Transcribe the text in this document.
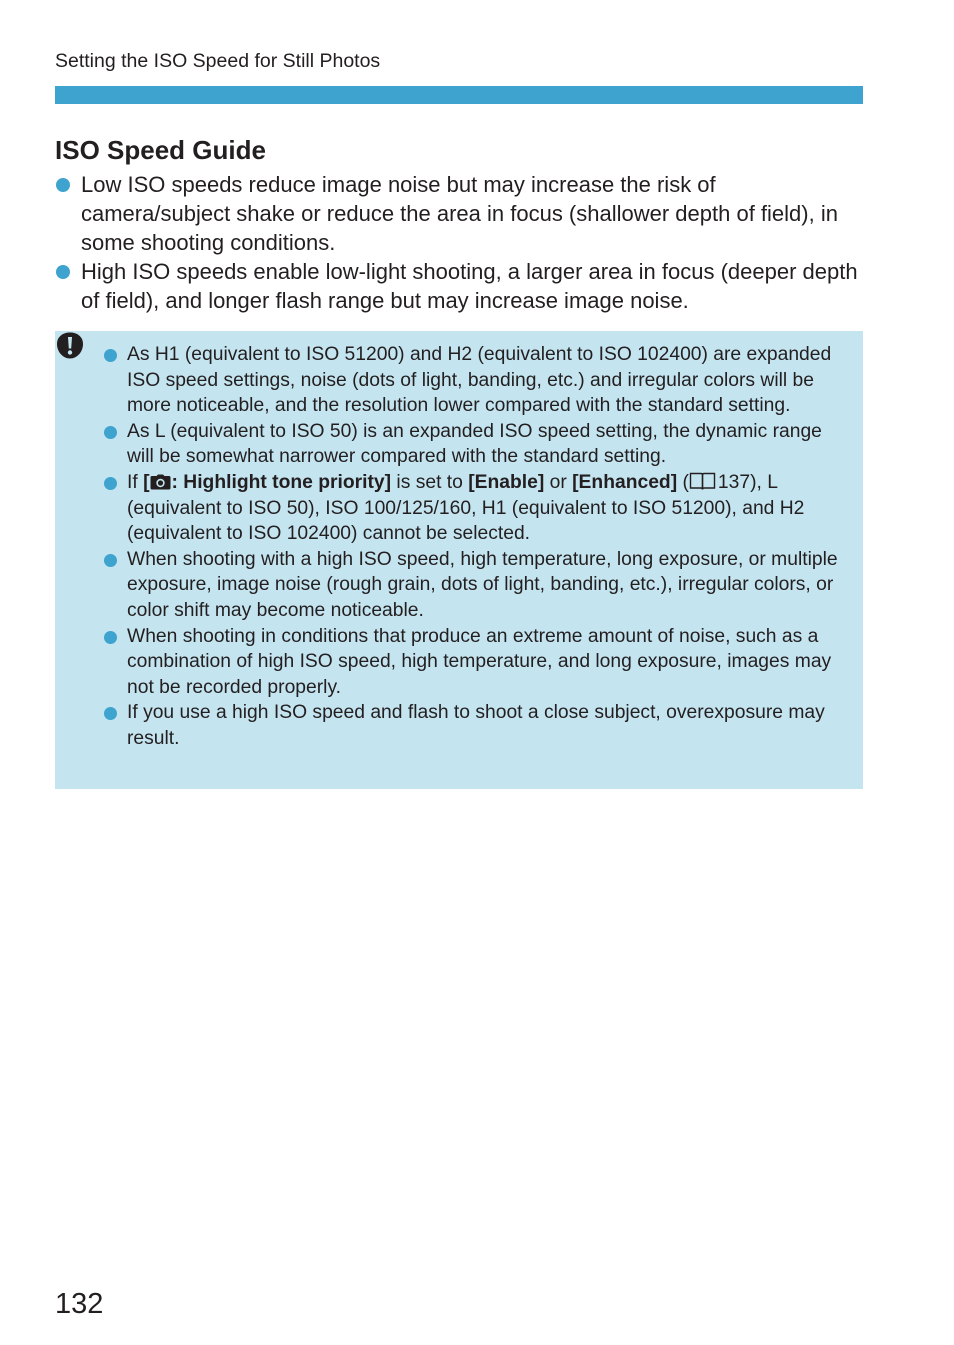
Setting the ISO Speed for Still Photos
ISO Speed Guide
Low ISO speeds reduce image noise but may increase the risk of camera/subject shake or reduce the area in focus (shallower depth of field), in some shooting conditions.
High ISO speeds enable low-light shooting, a larger area in focus (deeper depth of field), and longer flash range but may increase image noise.
As H1 (equivalent to ISO 51200) and H2 (equivalent to ISO 102400) are expanded ISO speed settings, noise (dots of light, banding, etc.) and irregular colors will be more noticeable, and the resolution lower compared with the standard setting.
As L (equivalent to ISO 50) is an expanded ISO speed setting, the dynamic range will be somewhat narrower compared with the standard setting.
If [ : Highlight tone priority] is set to [Enable] or [Enhanced] ( 137), L (equivalent to ISO 50), ISO 100/125/160, H1 (equivalent to ISO 51200), and H2 (equivalent to ISO 102400) cannot be selected.
When shooting with a high ISO speed, high temperature, long exposure, or multiple exposure, image noise (rough grain, dots of light, banding, etc.), irregular colors, or color shift may become noticeable.
When shooting in conditions that produce an extreme amount of noise, such as a combination of high ISO speed, high temperature, and long exposure, images may not be recorded properly.
If you use a high ISO speed and flash to shoot a close subject, overexposure may result.
132
